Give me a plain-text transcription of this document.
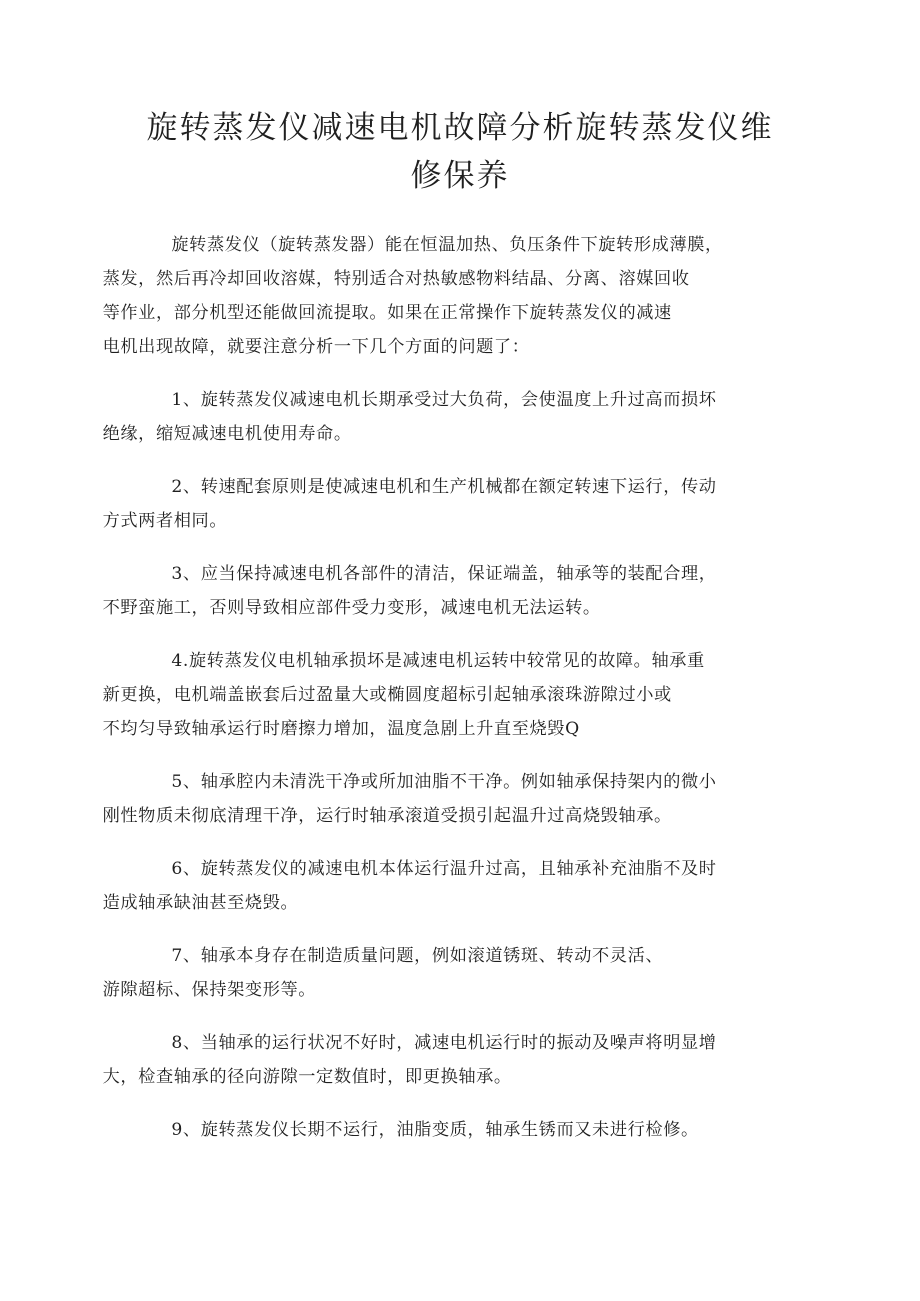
旋转蒸发仪减速电机故障分析旋转蒸发仪维
修保养

旋转蒸发仪（旋转蒸发器）能在恒温加热、负压条件下旋转形成薄膜，
蒸发，然后再冷却回收溶媒，特别适合对热敏感物料结晶、分离、溶媒回收
等作业，部分机型还能做回流提取。如果在正常操作下旋转蒸发仪的减速
电机出现故障，就要注意分析一下几个方面的问题了：

1、旋转蒸发仪减速电机长期承受过大负荷，会使温度上升过高而损坏
绝缘，缩短减速电机使用寿命。

2、转速配套原则是使减速电机和生产机械都在额定转速下运行，传动
方式两者相同。

3、应当保持减速电机各部件的清洁，保证端盖，轴承等的装配合理，
不野蛮施工，否则导致相应部件受力变形，减速电机无法运转。

4.旋转蒸发仪电机轴承损坏是减速电机运转中较常见的故障。轴承重
新更换，电机端盖嵌套后过盈量大或椭圆度超标引起轴承滚珠游隙过小或
不均匀导致轴承运行时磨擦力增加，温度急剧上升直至烧毁Q

5、轴承腔内未清洗干净或所加油脂不干净。例如轴承保持架内的微小
刚性物质未彻底清理干净，运行时轴承滚道受损引起温升过高烧毁轴承。

6、旋转蒸发仪的减速电机本体运行温升过高，且轴承补充油脂不及时
造成轴承缺油甚至烧毁。

7、轴承本身存在制造质量问题，例如滚道锈斑、转动不灵活、
游隙超标、保持架变形等。

8、当轴承的运行状况不好时，减速电机运行时的振动及噪声将明显增
大，检查轴承的径向游隙一定数值时，即更换轴承。

9、旋转蒸发仪长期不运行，油脂变质，轴承生锈而又未进行检修。
